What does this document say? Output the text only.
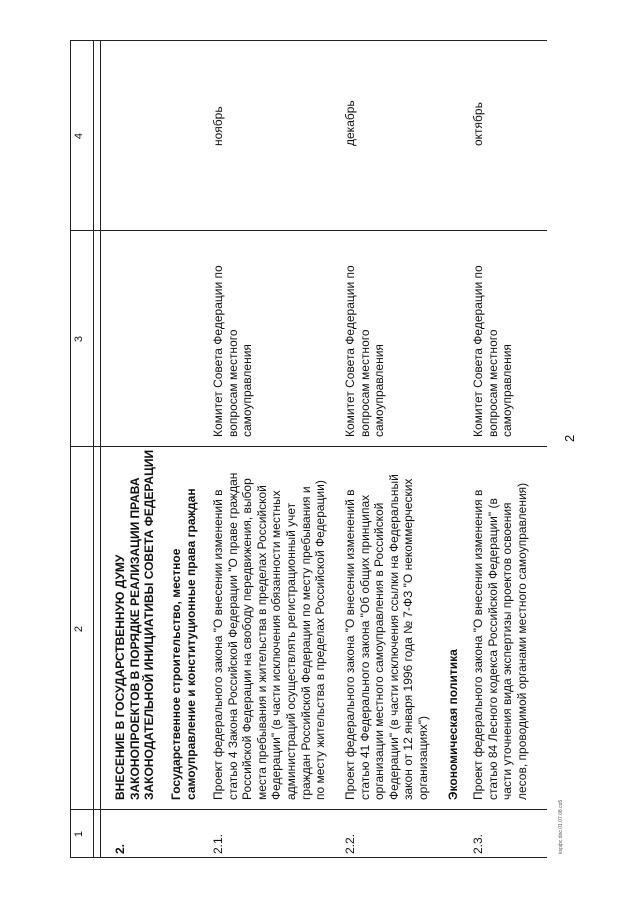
2
1
2
3
4
2.
ВНЕСЕНИЕ В ГОСУДАРСТВЕННУЮ ДУМУ ЗАКОНОПРОЕКТОВ В ПОРЯДКЕ РЕАЛИЗАЦИИ ПРАВА ЗАКОНОДАТЕЛЬНОЙ ИНИЦИАТИВЫ СОВЕТА ФЕДЕРАЦИИ Государственное строительство, местное самоуправление и конституционные права граждан
2.1.
Проект федерального закона "О внесении изменений в статью 4 Закона Российской Федерации "О праве граждан Российской Федерации на свободу передвижения, выбор места пребывания и жительства в пределах Российской Федерации" (в части исключения обязанности местных администраций осуществлять регистрационный учет граждан Российской Федерации по месту пребывания и по месту жительства в пределах Российской Федерации)
Комитет Совета Федерации по вопросам местного самоуправления
ноябрь
2.2.
Проект федерального закона "О внесении изменений в статью 41 Федерального закона "Об общих принципах организации местного самоуправления в Российской Федерации" (в части исключения ссылки на Федеральный закон от 12 января 1996 года № 7-ФЗ "О некоммерческих организациях")
Комитет Совета Федерации по вопросам местного самоуправления
декабрь
Экономическая политика
2.3.
Проект федерального закона "О внесении изменения в статью 84 Лесного кодекса Российской Федерации" (в части уточнения вида экспертизы проектов освоения лесов, проводимой органами местного самоуправления)
Комитет Совета Федерации по вопросам местного самоуправления
октябрь
ksрфс.doc 01.07.08 со5
